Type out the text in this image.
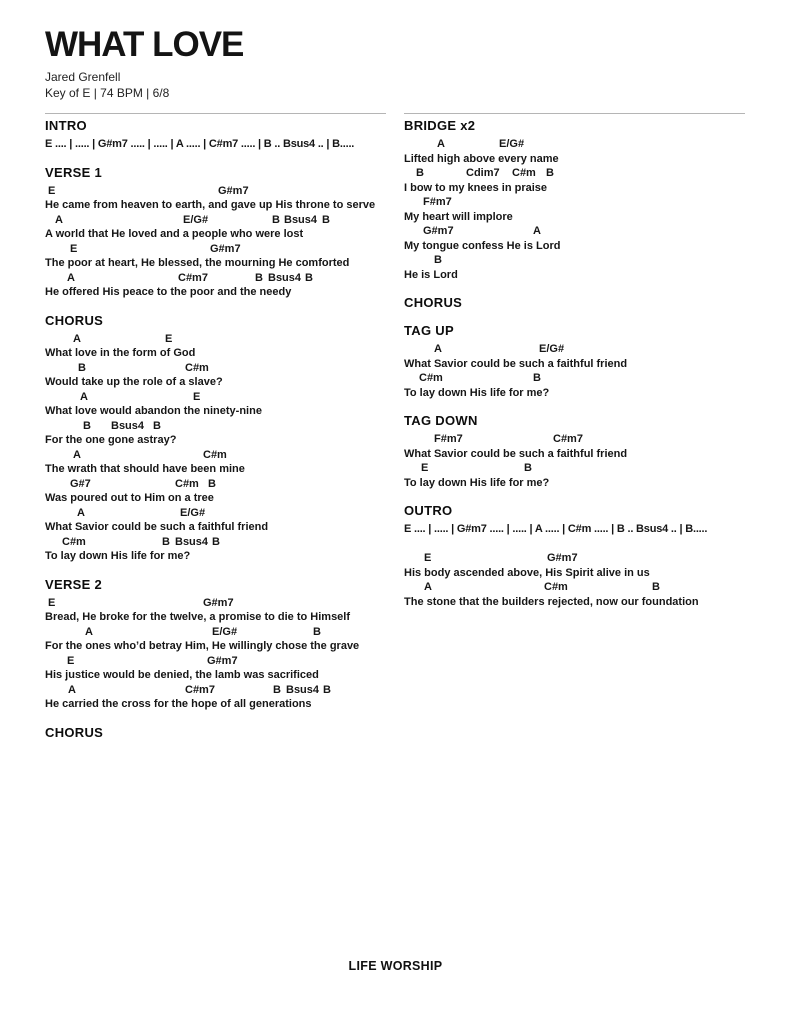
WHAT LOVE
Jared Grenfell
Key of E | 74 BPM | 6/8
INTRO
E .... | ..... | G#m7 ..... | ..... | A ..... | C#m7 ..... | B .. Bsus4 .. | B.....
VERSE 1
E	G#m7
He came from heaven to earth, and gave up His throne to serve
A	E/G#	B Bsus4 B
A world that He loved and a people who were lost
E	G#m7
The poor at heart, He blessed, the mourning He comforted
A	C#m7	B Bsus4 B
He offered His peace to the poor and the needy
CHORUS
A	E
What love in the form of God
B	C#m
Would take up the role of a slave?
A	E
What love would abandon the ninety-nine
B Bsus4 B
For the one gone astray?
A	C#m
The wrath that should have been mine
G#7	C#m B
Was poured out to Him on a tree
A	E/G#
What Savior could be such a faithful friend
C#m	B Bsus4 B
To lay down His life for me?
VERSE 2
E	G#m7
Bread, He broke for the twelve, a promise to die to Himself
A	E/G#	B
For the ones who’d betray Him, He willingly chose the grave
E	G#m7
His justice would be denied, the lamb was sacrificed
A	C#m7	B Bsus4 B
He carried the cross for the hope of all generations
CHORUS
BRIDGE x2
A	E/G#
Lifted high above every name
B	Cdim7 C#m B
I bow to my knees in praise
F#m7
My heart will implore
G#m7	A
My tongue confess He is Lord
B
He is Lord
CHORUS
TAG UP
A	E/G#
What Savior could be such a faithful friend
C#m	B
To lay down His life for me?
TAG DOWN
F#m7	C#m7
What Savior could be such a faithful friend
E	B
To lay down His life for me?
OUTRO
E .... | ..... | G#m7 ..... | ..... | A ..... | C#m ..... | B .. Bsus4 .. | B.....
E	G#m7
His body ascended above, His Spirit alive in us
A	C#m	B
The stone that the builders rejected, now our foundation
LIFE WORSHIP
